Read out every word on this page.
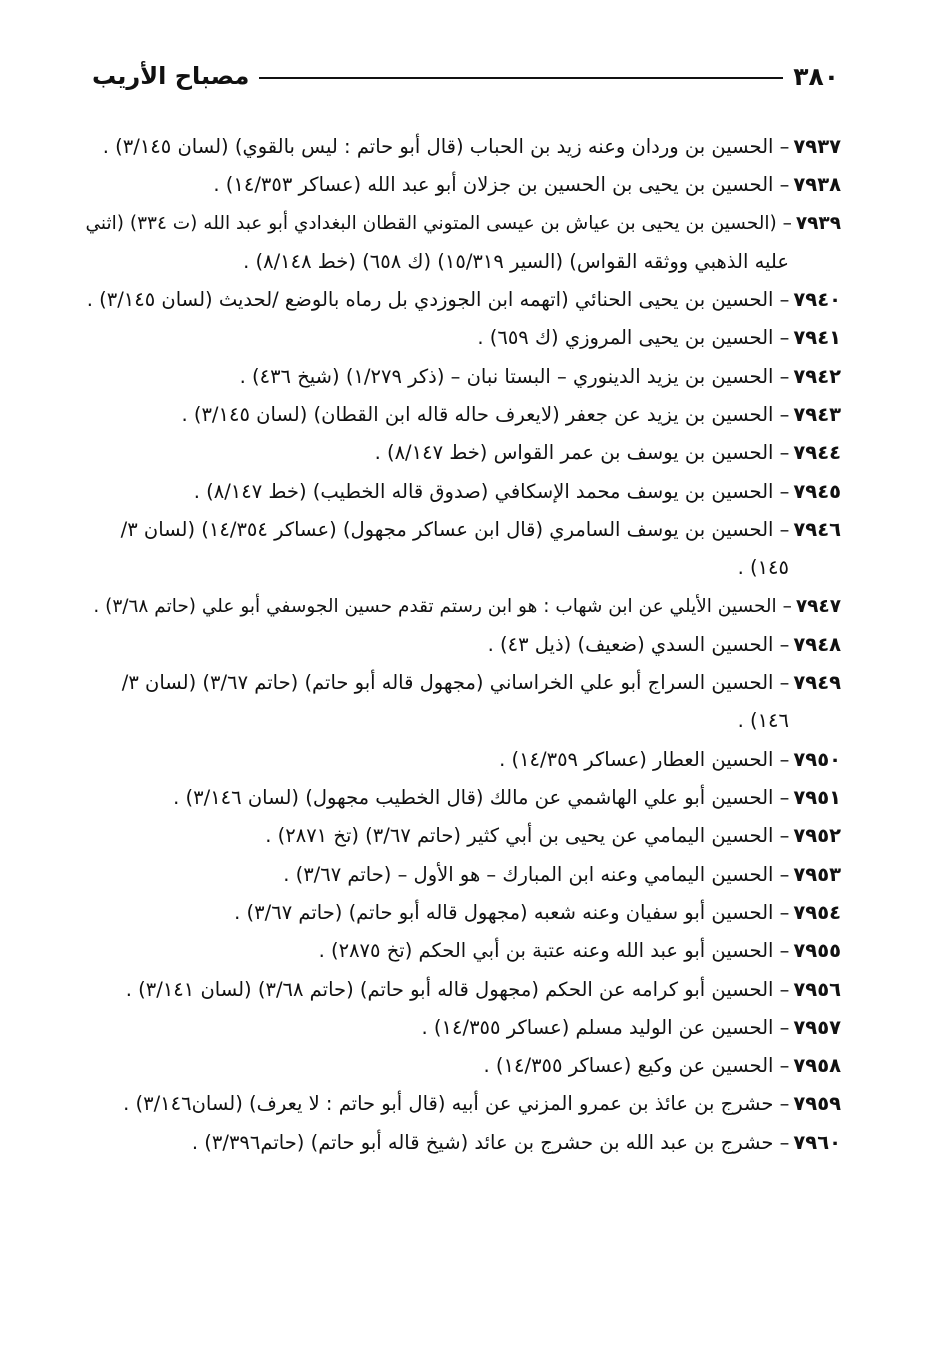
٣٨٠
مصباح الأريب
٧٩٣٧– الحسين بن وردان وعنه زيد بن الحباب (قال أبو حاتم : ليس بالقوي) (لسان ٣/١٤٥) .
٧٩٣٨– الحسين بن يحيى بن الحسين بن جزلان أبو عبد الله (عساكر ١٤/٣٥٣) .
٧٩٣٩– (الحسين بن يحيى بن عياش بن عيسى المتوني القطان البغدادي أبو عبد الله (ت ٣٣٤) (اثني
عليه الذهبي ووثقه القواس) (السير ١٥/٣١٩) (ك ٦٥٨) (خط ٨/١٤٨) .
٧٩٤٠– الحسين بن يحيى الحنائي (اتهمه ابن الجوزدي بل رماه بالوضع /لحديث (لسان ٣/١٤٥) .
٧٩٤١– الحسين بن يحيى المروزي (ك ٦٥٩) .
٧٩٤٢– الحسين بن يزيد الدينوري – البستا نبان – (ذكر ١/٢٧٩) (شيخ ٤٣٦) .
٧٩٤٣– الحسين بن يزيد عن جعفر (لايعرف حاله قاله ابن القطان) (لسان ٣/١٤٥) .
٧٩٤٤– الحسين بن يوسف بن عمر القواس (خط ٨/١٤٧) .
٧٩٤٥– الحسين بن يوسف محمد الإسكافي (صدوق قاله الخطيب) (خط ٨/١٤٧) .
٧٩٤٦– الحسين بن يوسف السامري (قال ابن عساكر مجهول) (عساكر ١٤/٣٥٤) (لسان ٣/
١٤٥) .
٧٩٤٧– الحسين الأيلي عن ابن شهاب : هو ابن رستم تقدم حسين الجوسفي أبو علي (حاتم ٣/٦٨) .
٧٩٤٨– الحسين السدي (ضعيف) (ذيل ٤٣) .
٧٩٤٩– الحسين السراج أبو علي الخراساني (مجهول قاله أبو حاتم) (حاتم ٣/٦٧) (لسان ٣/
١٤٦) .
٧٩٥٠– الحسين العطار (عساكر ١٤/٣٥٩) .
٧٩٥١– الحسين أبو علي الهاشمي عن مالك (قال الخطيب مجهول) (لسان ٣/١٤٦) .
٧٩٥٢– الحسين اليمامي عن يحيى بن أبي كثير (حاتم ٣/٦٧) (تخ ٢٨٧١) .
٧٩٥٣– الحسين اليمامي وعنه ابن المبارك – هو الأول – (حاتم ٣/٦٧) .
٧٩٥٤– الحسين أبو سفيان وعنه شعبه (مجهول قاله أبو حاتم) (حاتم ٣/٦٧) .
٧٩٥٥– الحسين أبو عبد الله وعنه عتبة بن أبي الحكم (تخ ٢٨٧٥) .
٧٩٥٦– الحسين أبو كرامه عن الحكم (مجهول قاله أبو حاتم) (حاتم ٣/٦٨) (لسان ٣/١٤١) .
٧٩٥٧– الحسين عن الوليد مسلم (عساكر ١٤/٣٥٥) .
٧٩٥٨– الحسين عن وكيع (عساكر ١٤/٣٥٥) .
٧٩٥٩– حشرج بن عائذ بن عمرو المزني عن أبيه (قال أبو حاتم : لا يعرف) (لسان٣/١٤٦) .
٧٩٦٠– حشرج بن عبد الله بن حشرج بن عائد (شيخ قاله أبو حاتم) (حاتم٣/٣٩٦) .
